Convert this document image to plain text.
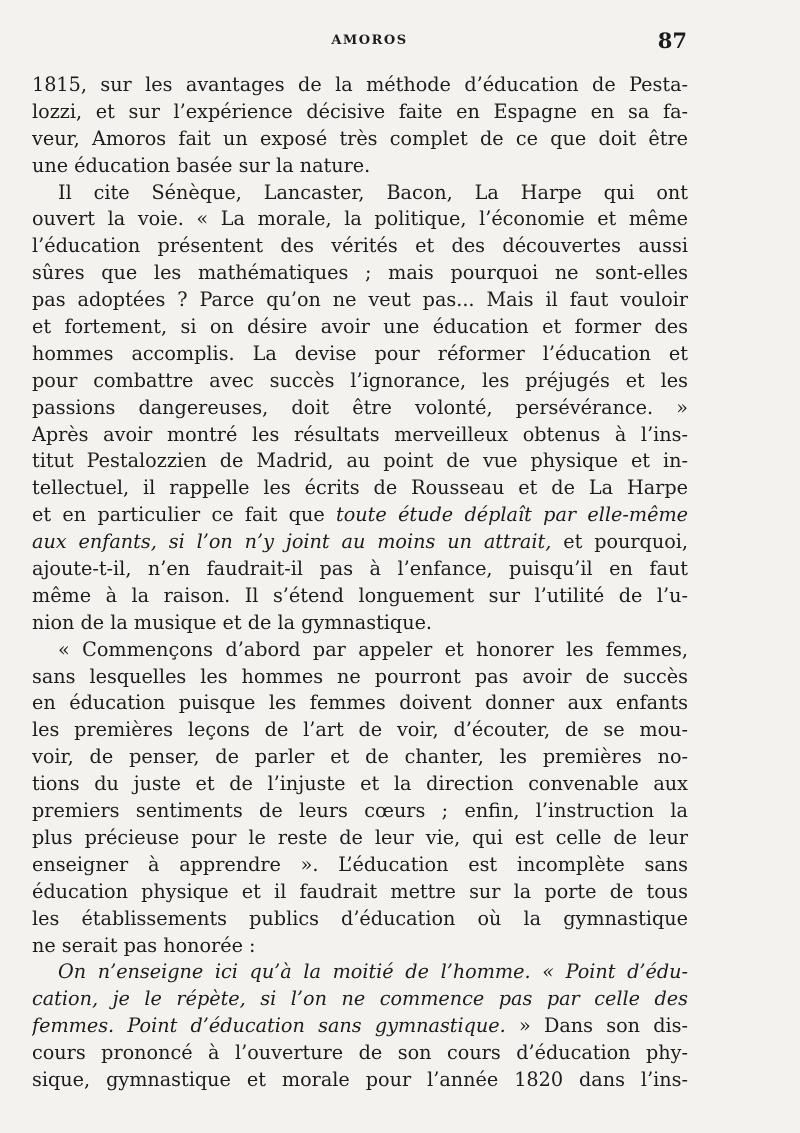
AMOROS	87
1815, sur les avantages de la méthode d’éducation de Pesta-
lozzi, et sur l’expérience décisive faite en Espagne en sa fa-
veur, Amoros fait un exposé très complet de ce que doit être
une éducation basée sur la nature.
Il cite Sénèque, Lancaster, Bacon, La Harpe qui ont
ouvert la voie. « La morale, la politique, l’économie et même
l’éducation présentent des vérités et des découvertes aussi
sûres que les mathématiques ; mais pourquoi ne sont-elles
pas adoptées ? Parce qu’on ne veut pas... Mais il faut vouloir
et fortement, si on désire avoir une éducation et former des
hommes accomplis. La devise pour réformer l’éducation et
pour combattre avec succès l’ignorance, les préjugés et les
passions dangereuses, doit être volonté, persévérance. »
Après avoir montré les résultats merveilleux obtenus à l’ins-
titut Pestalozzien de Madrid, au point de vue physique et in-
tellectuel, il rappelle les écrits de Rousseau et de La Harpe
et en particulier ce fait que toute étude déplaît par elle-même
aux enfants, si l’on n’y joint au moins un attrait, et pourquoi,
ajoute-t-il, n’en faudrait-il pas à l’enfance, puisqu’il en faut
même à la raison. Il s’étend longuement sur l’utilité de l’u-
nion de la musique et de la gymnastique.
« Commençons d’abord par appeler et honorer les femmes,
sans lesquelles les hommes ne pourront pas avoir de succès
en éducation puisque les femmes doivent donner aux enfants
les premières leçons de l’art de voir, d’écouter, de se mou-
voir, de penser, de parler et de chanter, les premières no-
tions du juste et de l’injuste et la direction convenable aux
premiers sentiments de leurs cœurs ; enfin, l’instruction la
plus précieuse pour le reste de leur vie, qui est celle de leur
enseigner à apprendre ». L’éducation est incomplète sans
éducation physique et il faudrait mettre sur la porte de tous
les établissements publics d’éducation où la gymnastique
ne serait pas honorée :
On n’enseigne ici qu’à la moitié de l’homme. « Point d’édu-
cation, je le répète, si l’on ne commence pas par celle des
femmes. Point d’éducation sans gymnastique. » Dans son dis-
cours prononcé à l’ouverture de son cours d’éducation phy-
sique, gymnastique et morale pour l’année 1820 dans l’ins-
